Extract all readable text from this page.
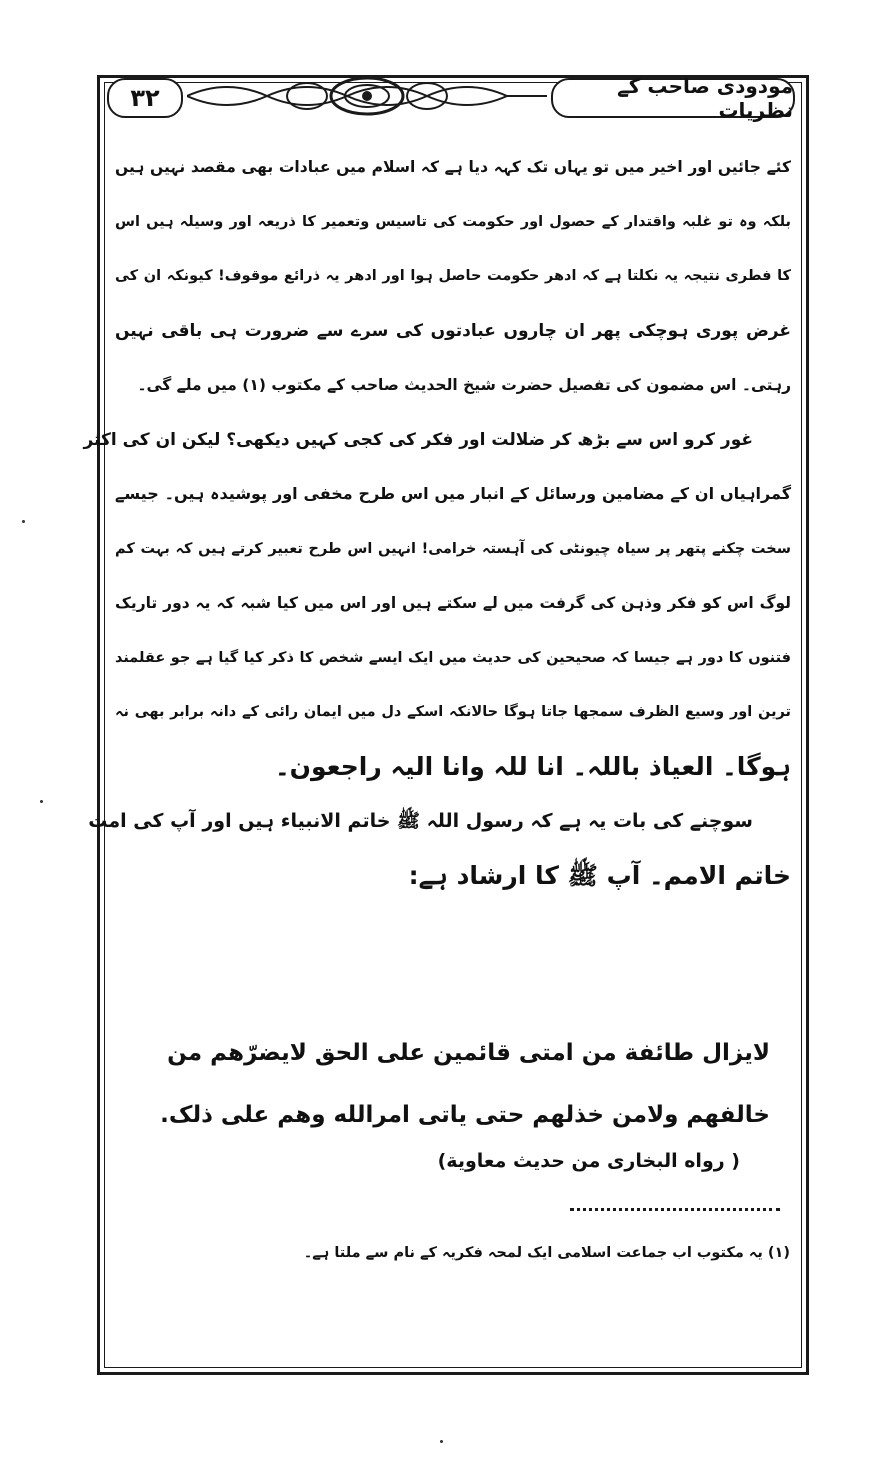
۳۲	مودودی صاحب کے نظریات

کئے جائیں اور اخیر میں تو یہاں تک کہہ دیا ہے کہ اسلام میں عبادات بھی مقصد نہیں ہیں
بلکہ وہ تو غلبہ واقتدار کے حصول اور حکومت کی تاسیس وتعمیر کا ذریعہ اور وسیلہ ہیں اس
کا فطری نتیجہ یہ نکلتا ہے کہ ادھر حکومت حاصل ہوا اور ادھر یہ ذرائع موقوف! کیونکہ ان کی
غرض پوری ہوچکی پھر ان چاروں عبادتوں کی سرے سے ضرورت ہی باقی نہیں
رہتی۔ اس مضمون کی تفصیل حضرت شیخ الحدیث صاحب کے مکتوب (۱) میں ملے گی۔

غور کرو اس سے بڑھ کر ضلالت اور فکر کی کجی کہیں دیکھی؟ لیکن ان کی اکثر
گمراہیاں ان کے مضامین ورسائل کے انبار میں اس طرح مخفی اور پوشیدہ ہیں۔ جیسے
سخت چکنے پتھر پر سیاہ چیونٹی کی آہستہ خرامی! انہیں اس طرح تعبیر کرتے ہیں کہ بہت کم
لوگ اس کو فکر وذہن کی گرفت میں لے سکتے ہیں اور اس میں کیا شبہ کہ یہ دور تاریک
فتنوں کا دور ہے جیسا کہ صحیحین کی حدیث میں ایک ایسے شخص کا ذکر کیا گیا ہے جو عقلمند
ترین اور وسیع الظرف سمجھا جاتا ہوگا حالانکہ اسکے دل میں ایمان رائی کے دانہ برابر بھی نہ
ہوگا۔ العیاذ باللہ۔ انا للہ وانا الیہ راجعون۔

سوچنے کی بات یہ ہے کہ رسول اللہ ﷺ خاتم الانبیاء ہیں اور آپ کی امت
خاتم الامم۔ آپ ﷺ کا ارشاد ہے:

لایزال طائفة من امتی قائمین علی الحق لایضرّهم من
خالفهم ولامن خذلهم حتی یاتی امرالله وهم علی ذلک.
( رواه البخاری من حدیث معاویة)
(۱) یہ مکتوب اب جماعت اسلامی ایک لمحہ فکریہ کے نام سے ملتا ہے۔
